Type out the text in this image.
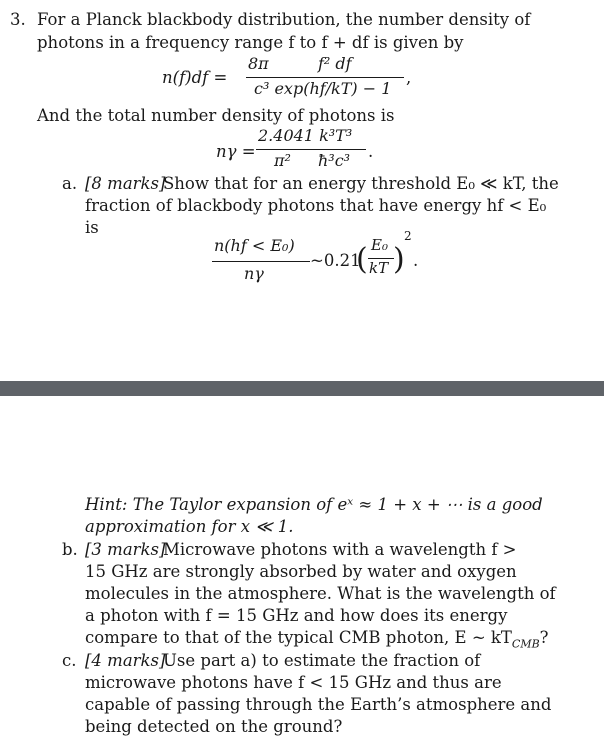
3. For a Planck blackbody distribution, the number density of
photons in a frequency range f to f + df is given by
n(f)df =
8π	f² df
c³ exp(hf/kT) − 1
,
And the total number density of photons is
nγ =
2.4041 k³T³
π² ħ³c³ .
a. [8 marks]
Show that for an energy threshold E₀ ≪ kT, the
fraction of blackbody photons that have energy hf < E₀
is
n(hf < E₀)
nγ
~0.21
( E₀
kT )
2
.
Hint: The Taylor expansion of eˣ ≈ 1 + x + ⋯ is a good
approximation for x ≪ 1.
b. [3 marks]
Microwave photons with a wavelength f >
15 GHz are strongly absorbed by water and oxygen
molecules in the atmosphere. What is the wavelength of
a photon with f = 15 GHz and how does its energy
compare to that of the typical CMB photon, E ~ $kT_{CMB}$?
c. [4 marks]
Use part a) to estimate the fraction of
microwave photons have f < 15 GHz and thus are
capable of passing through the Earth’s atmosphere and
being detected on the ground?
